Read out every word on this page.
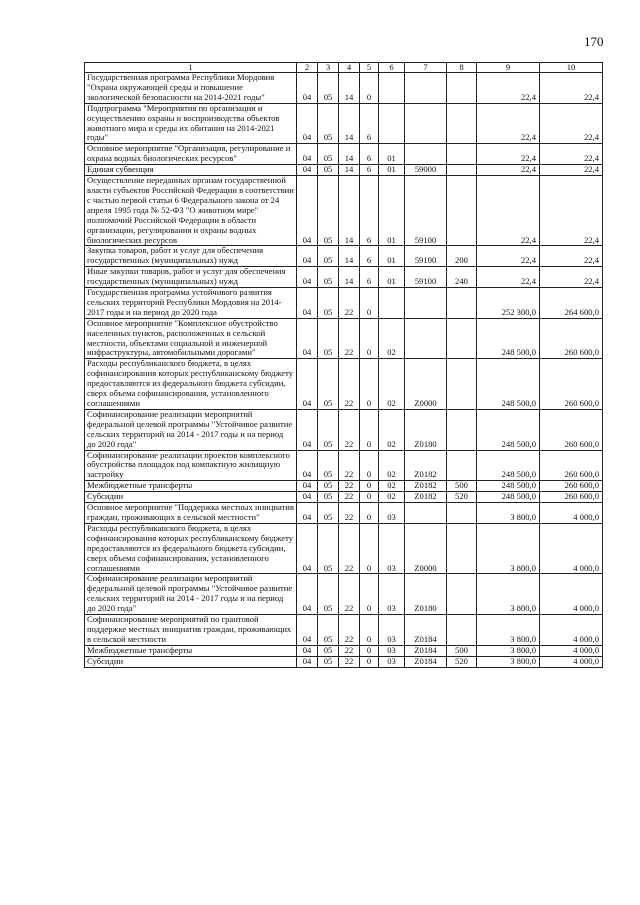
170
1	2	3	4	5	6	7	8	9	10
Государственная программа Республики Мордовия "Охрана окружающей среды и повышение экологической безопасности на 2014-2021 годы"	04	05	14	0				22,4	22,4
Подпрограмма "Мероприятия по организации и осуществлению охраны и воспроизводства объектов животного мира и среды их обитания на 2014-2021 годы"	04	05	14	6				22,4	22,4
Основное мероприятие "Организация, регулирование и охрана водных биологических ресурсов"	04	05	14	6	01			22,4	22,4
Единая субвенция	04	05	14	6	01	59000		22,4	22,4
Осуществление переданных органам государственной власти субъектов Российской Федерации в соответствии с частью первой статьи 6 Федерального закона от 24 апреля 1995 года № 52-ФЗ "О животном мире" полномочий Российской Федерации в области организации, регулирования и охраны водных биологических ресурсов	04	05	14	6	01	59100		22,4	22,4
Закупка товаров, работ и услуг для обеспечения государственных (муниципальных) нужд	04	05	14	6	01	59100	200	22,4	22,4
Иные закупки товаров, работ и услуг для обеспечения государственных (муниципальных) нужд	04	05	14	6	01	59100	240	22,4	22,4
Государственная программа устойчивого развития сельских территорий Республики Мордовия на 2014-2017 годы и на период до 2020 года	04	05	22	0				252 300,0	264 600,0
Основное мероприятие "Комплексное обустройство населенных пунктов, расположенных в сельской местности, объектами социальной и инженерной инфраструктуры, автомобильными дорогами"	04	05	22	0	02			248 500,0	260 600,0
Расходы республиканского бюджета, в целях софинансирования которых республиканскому бюджету предоставляются из федерального бюджета субсидии, сверх объема софинансирования, установленного соглашениями	04	05	22	0	02	Z0000		248 500,0	260 600,0
Софинансирование реализации мероприятий федеральной целевой программы "Устойчивое развитие сельских территорий на 2014 - 2017 годы и на период до 2020 года"	04	05	22	0	02	Z0180		248 500,0	260 600,0
Софинансирование реализации проектов комплексного обустройства площадок под компактную жилищную застройку	04	05	22	0	02	Z0182		248 500,0	260 600,0
Межбюджетные трансферты	04	05	22	0	02	Z0182	500	248 500,0	260 600,0
Субсидии	04	05	22	0	02	Z0182	520	248 500,0	260 600,0
Основное мероприятие "Поддержка местных инициатив граждан, проживающих в сельской местности"	04	05	22	0	03			3 800,0	4 000,0
Расходы республиканского бюджета, в целях софинансирования которых республиканскому бюджету предоставляются из федерального бюджета субсидии, сверх объема софинансирования, установленного соглашениями	04	05	22	0	03	Z0000		3 800,0	4 000,0
Софинансирование реализации мероприятий федеральной целевой программы "Устойчивое развитие сельских территорий на 2014 - 2017 годы и на период до 2020 года"	04	05	22	0	03	Z0180		3 800,0	4 000,0
Софинансирование мероприятий по грантовой поддержке местных инициатив граждан, проживающих в сельской местности	04	05	22	0	03	Z0184		3 800,0	4 000,0
Межбюджетные трансферты	04	05	22	0	03	Z0184	500	3 800,0	4 000,0
Субсидии	04	05	22	0	03	Z0184	520	3 800,0	4 000,0
